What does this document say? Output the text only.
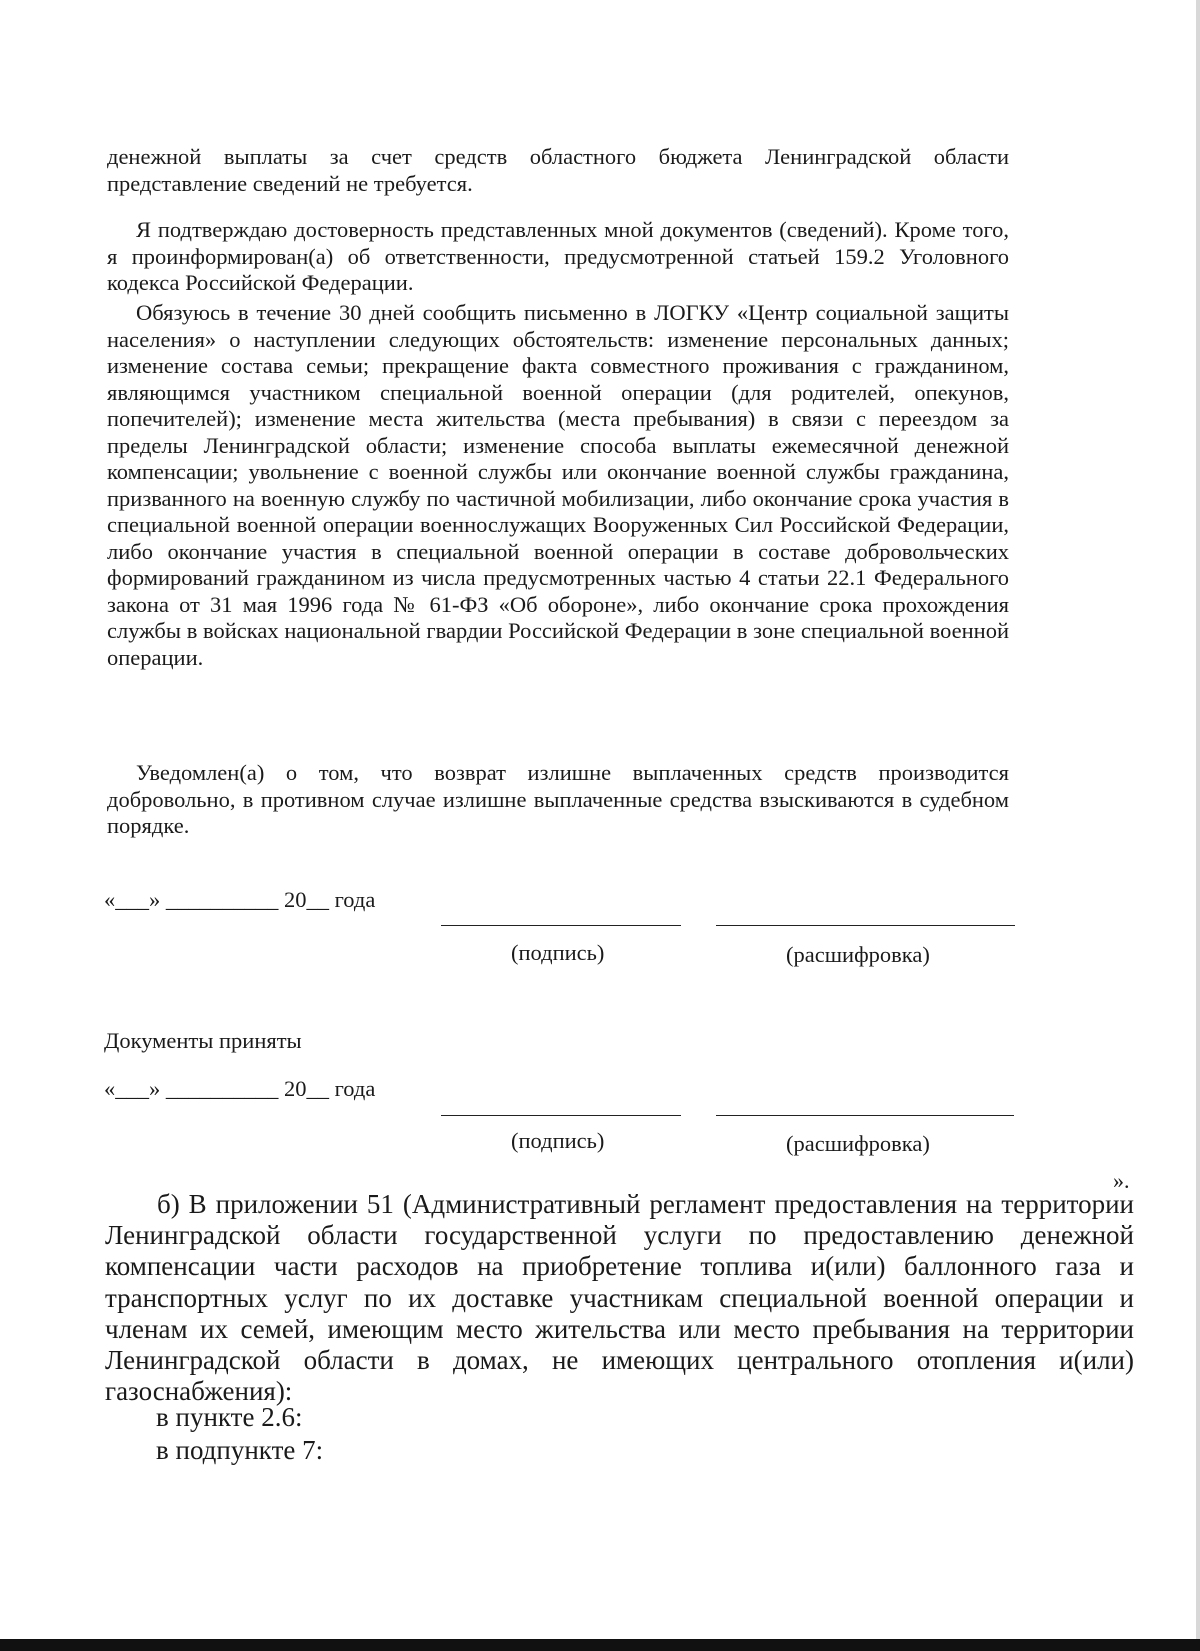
денежной выплаты за счет средств областного бюджета Ленинградской области представление сведений не требуется.

Я подтверждаю достоверность представленных мной документов (сведений). Кроме того, я проинформирован(а) об ответственности, предусмотренной статьей 159.2 Уголовного кодекса Российской Федерации.

Обязуюсь в течение 30 дней сообщить письменно в ЛОГКУ «Центр социальной защиты населения» о наступлении следующих обстоятельств: изменение персональных данных; изменение состава семьи; прекращение факта совместного проживания с гражданином, являющимся участником специальной военной операции (для родителей, опекунов, попечителей); изменение места жительства (места пребывания) в связи с переездом за пределы Ленинградской области; изменение способа выплаты ежемесячной денежной компенсации; увольнение с военной службы или окончание военной службы гражданина, призванного на военную службу по частичной мобилизации, либо окончание срока участия в специальной военной операции военнослужащих Вооруженных Сил Российской Федерации, либо окончание участия в специальной военной операции в составе добровольческих формирований гражданином из числа предусмотренных частью 4 статьи 22.1 Федерального закона от 31 мая 1996 года № 61-ФЗ «Об обороне», либо окончание срока прохождения службы в войсках национальной гвардии Российской Федерации в зоне специальной военной операции.

Уведомлен(а) о том, что возврат излишне выплаченных средств производится добровольно, в противном случае излишне выплаченные средства взыскиваются в судебном порядке.

«___» __________ 20__ года
(подпись)	(расшифровка)
Документы приняты
«___» __________ 20__ года
(подпись)	(расшифровка)
».

б) В приложении 51 (Административный регламент предоставления на территории Ленинградской области государственной услуги по предоставлению денежной компенсации части расходов на приобретение топлива и(или) баллонного газа и транспортных услуг по их доставке участникам специальной военной операции и членам их семей, имеющим место жительства или место пребывания на территории Ленинградской области в домах, не имеющих центрального отопления и(или) газоснабжения):

в пункте 2.6:
в подпункте 7:
